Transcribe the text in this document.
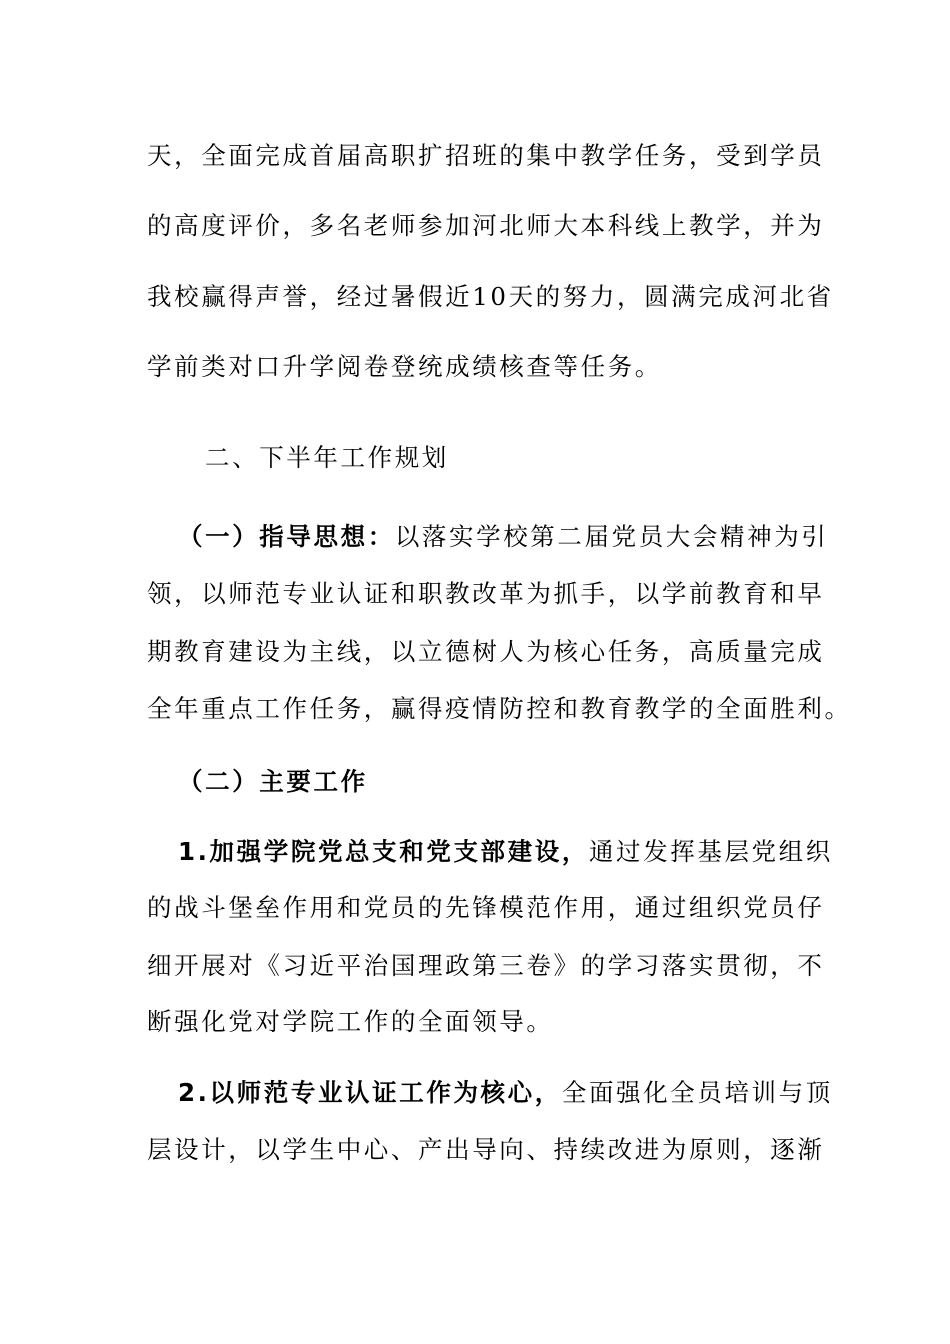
天，全面完成首届高职扩招班的集中教学任务，受到学员
的高度评价，多名老师参加河北师大本科线上教学，并为
我校赢得声誉，经过暑假近10天的努力，圆满完成河北省
学前类对口升学阅卷登统成绩核查等任务。
二、下半年工作规划
（一）指导思想：以落实学校第二届党员大会精神为引
领，以师范专业认证和职教改革为抓手，以学前教育和早
期教育建设为主线，以立德树人为核心任务，高质量完成
全年重点工作任务，赢得疫情防控和教育教学的全面胜利。
（二）主要工作
1.加强学院党总支和党支部建设，通过发挥基层党组织
的战斗堡垒作用和党员的先锋模范作用，通过组织党员仔
细开展对《习近平治国理政第三卷》的学习落实贯彻，不
断强化党对学院工作的全面领导。
2.以师范专业认证工作为核心，全面强化全员培训与顶
层设计，以学生中心、产出导向、持续改进为原则，逐渐
